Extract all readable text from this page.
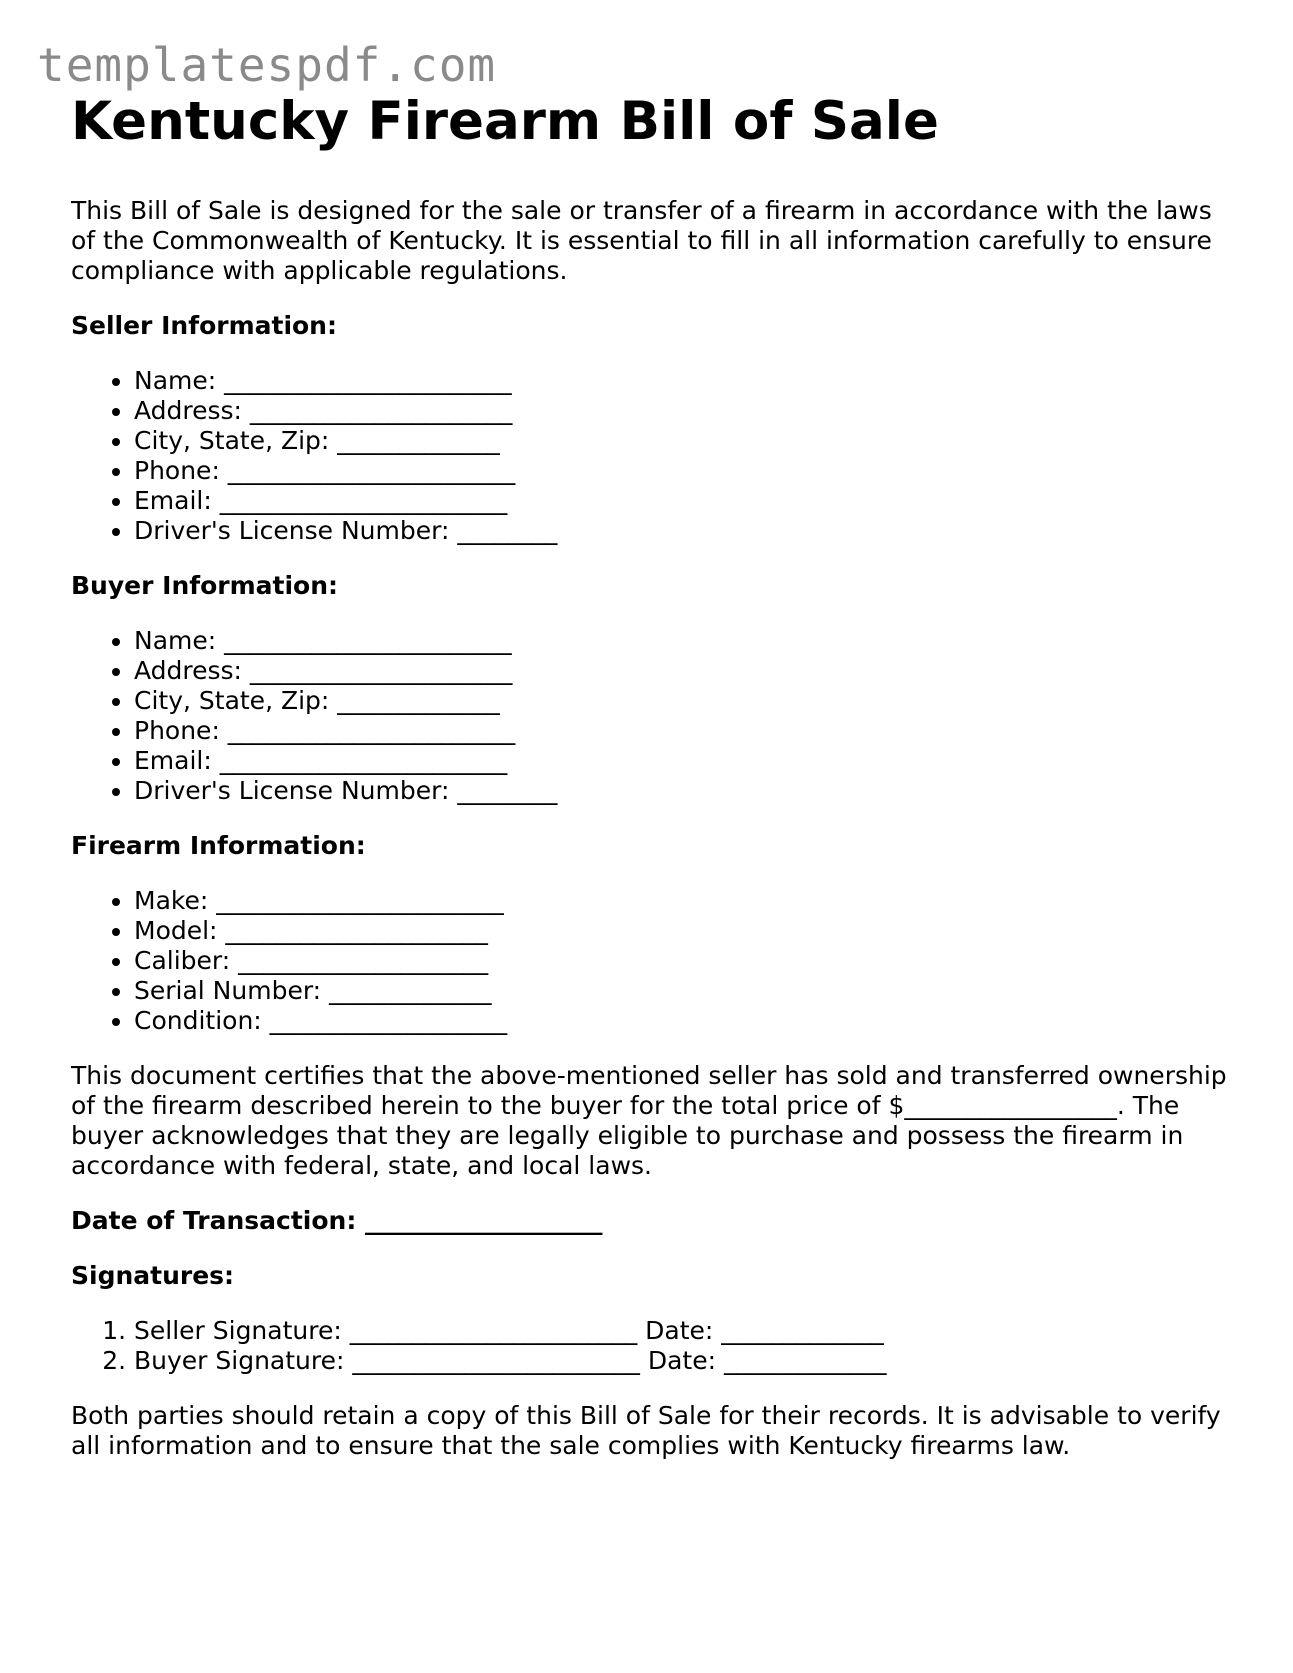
templatespdf.com
Kentucky Firearm Bill of Sale

This Bill of Sale is designed for the sale or transfer of a firearm in accordance with the laws of the Commonwealth of Kentucky. It is essential to fill in all information carefully to ensure compliance with applicable regulations.

Seller Information:
• Name: _______________________
• Address: _____________________
• City, State, Zip: _____________
• Phone: _______________________
• Email: _______________________
• Driver's License Number: ________
Buyer Information:
• Name: _______________________
• Address: _____________________
• City, State, Zip: _____________
• Phone: _______________________
• Email: _______________________
• Driver's License Number: ________
Firearm Information:
• Make: _______________________
• Model: _____________________
• Caliber: ____________________
• Serial Number: _____________
• Condition: ___________________

This document certifies that the above-mentioned seller has sold and transferred ownership of the firearm described herein to the buyer for the total price of $_________________. The buyer acknowledges that they are legally eligible to purchase and possess the firearm in accordance with federal, state, and local laws.

Date of Transaction: ___________________
Signatures:
1. Seller Signature: _______________________ Date: _____________
2. Buyer Signature: _______________________ Date: _____________

Both parties should retain a copy of this Bill of Sale for their records. It is advisable to verify all information and to ensure that the sale complies with Kentucky firearms law.
